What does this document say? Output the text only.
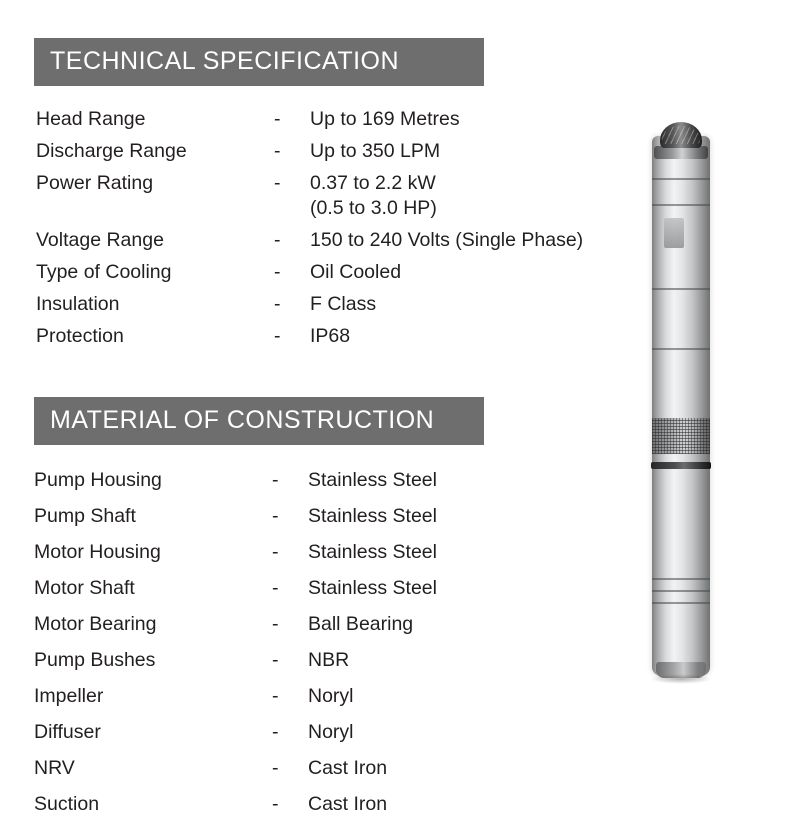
TECHNICAL SPECIFICATION
Head Range	-	Up to 169 Metres
Discharge Range	-	Up to 350 LPM
Power Rating	-	0.37 to 2.2 kW
(0.5 to 3.0 HP)

Voltage Range	-	150 to 240 Volts (Single Phase)
Type of Cooling	-	Oil Cooled
Insulation	-	F Class
Protection	-	IP68
MATERIAL OF CONSTRUCTION
Pump Housing	-	Stainless Steel
Pump Shaft	-	Stainless Steel
Motor Housing	-	Stainless Steel
Motor Shaft	-	Stainless Steel
Motor Bearing	-	Ball Bearing
Pump Bushes	-	NBR
Impeller	-	Noryl
Diffuser	-	Noryl
NRV	-	Cast Iron
Suction	-	Cast Iron
